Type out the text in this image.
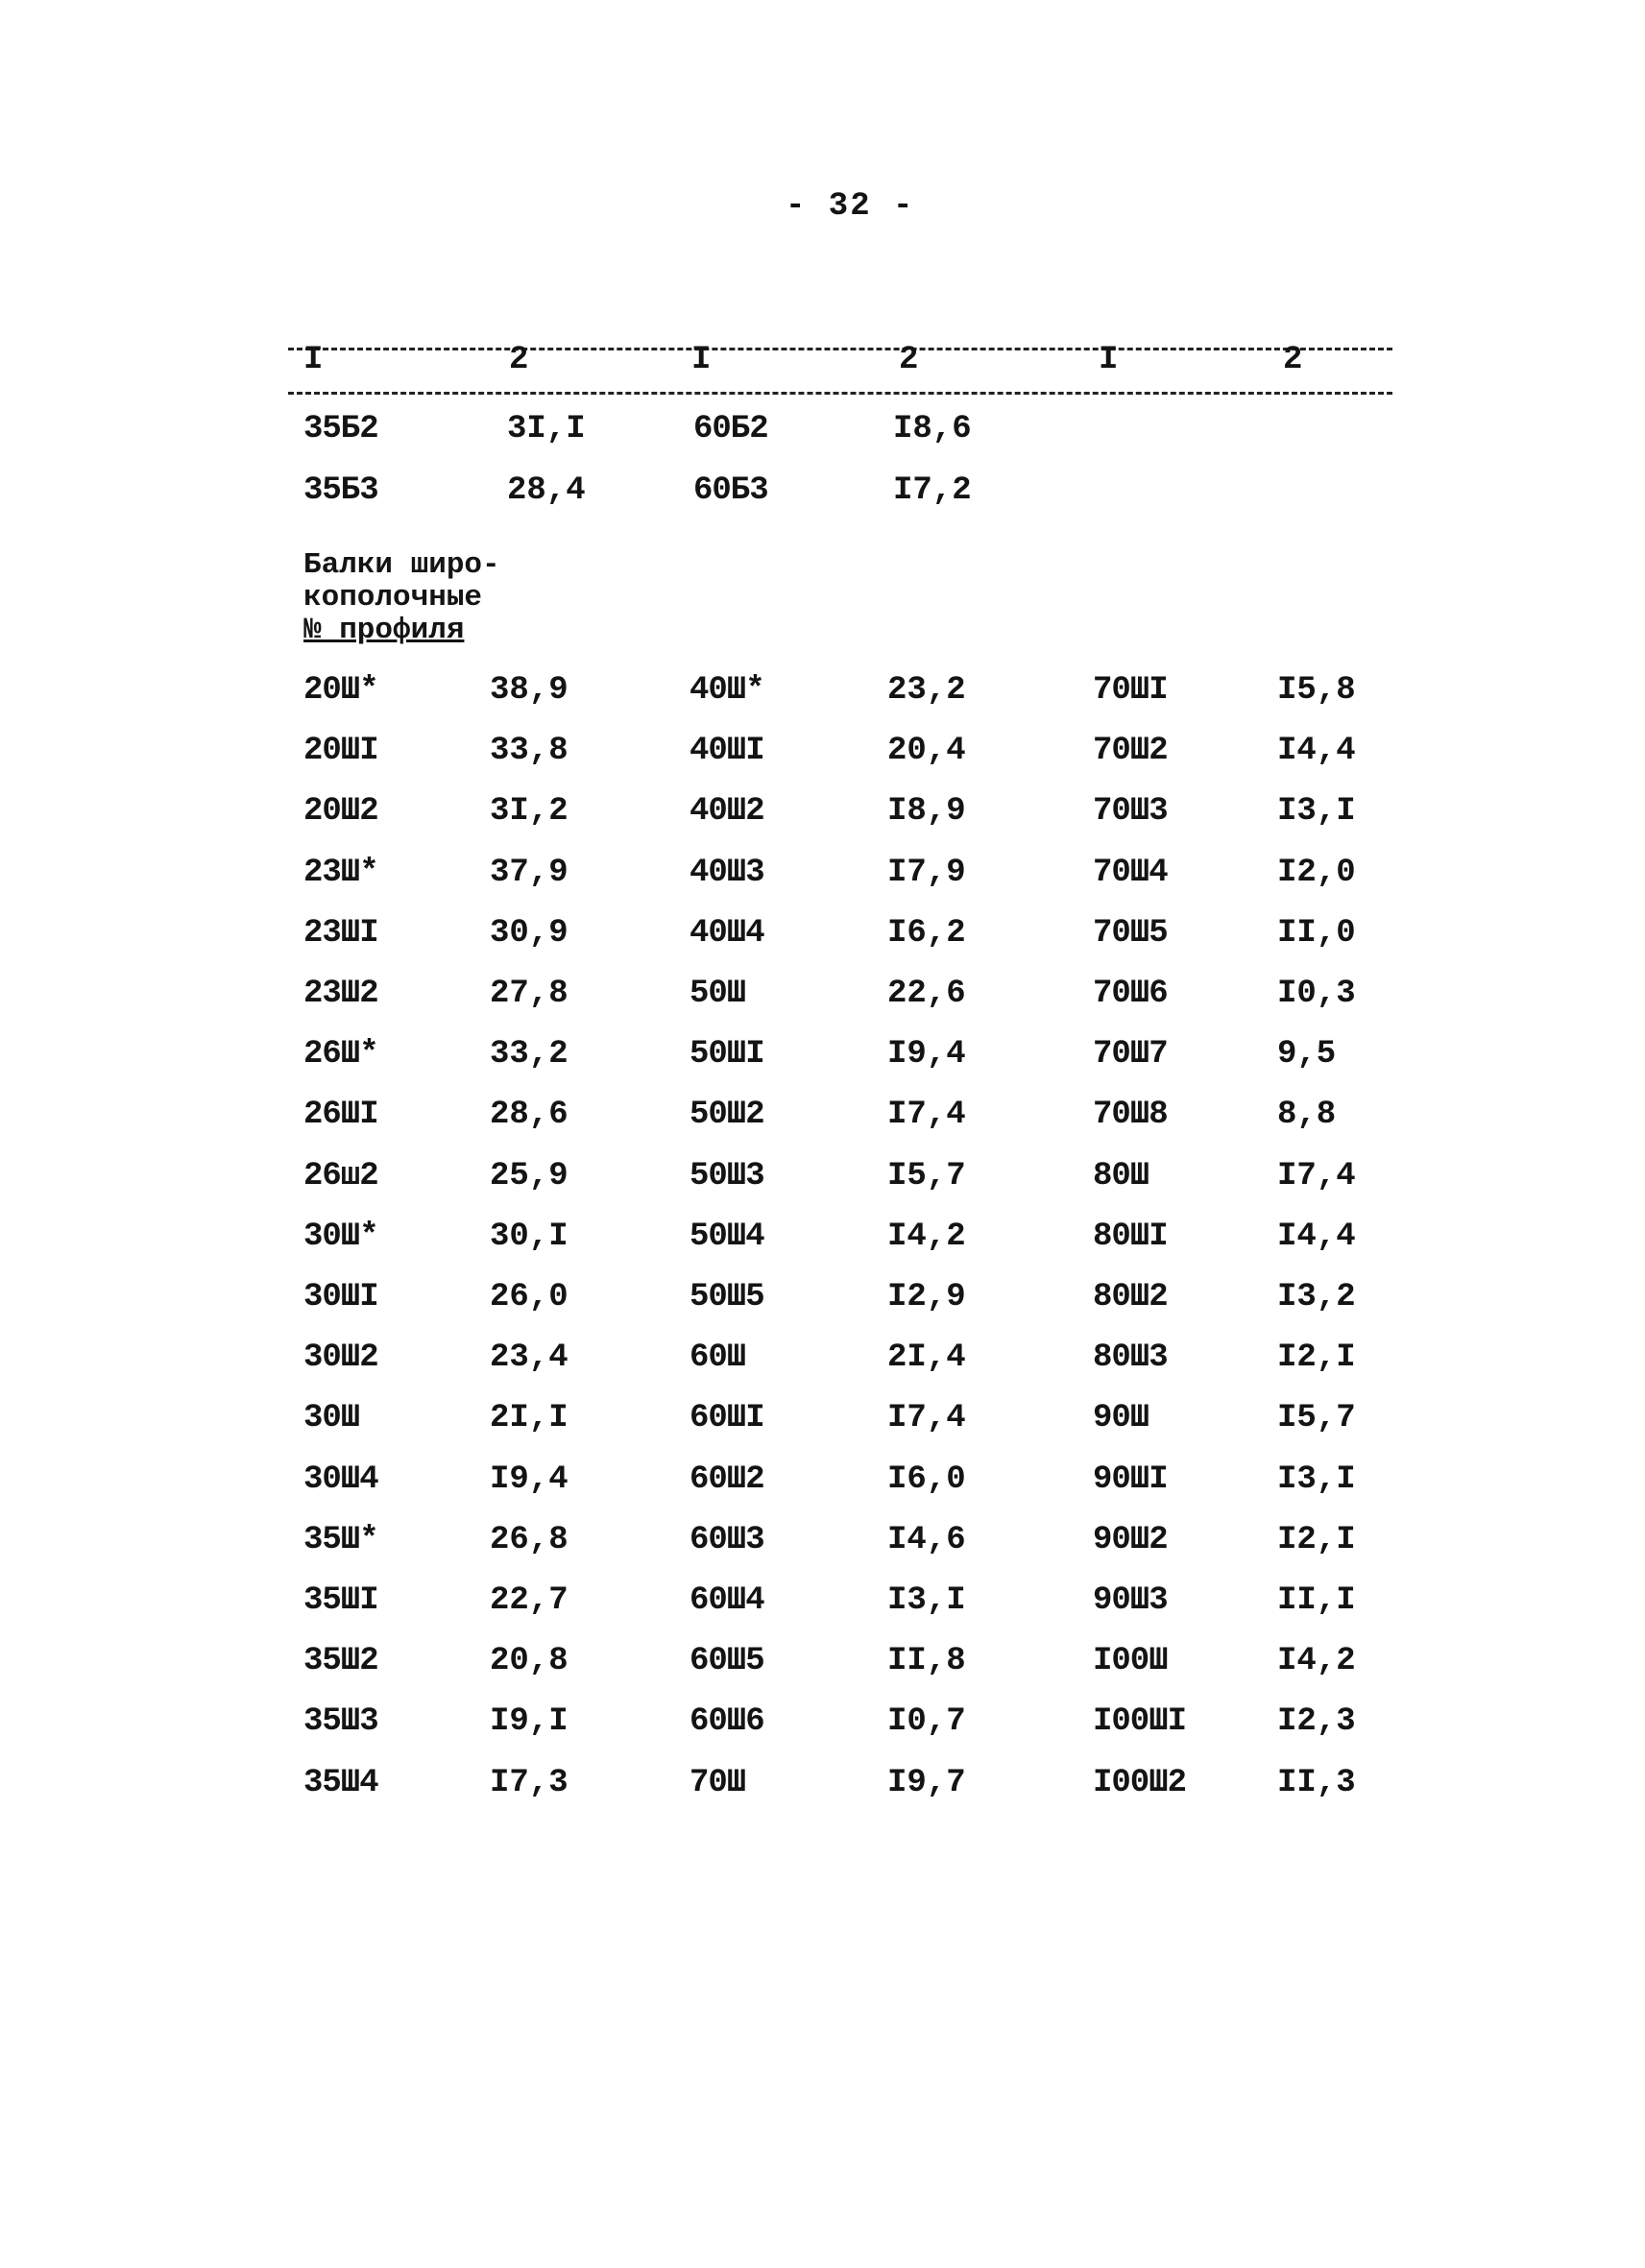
- 32 -
I	2	I	2	I	2
35Б2	3I,I	60Б2	I8,6
35Б3	28,4	60Б3	I7,2
Балки широ-
кополочные
№ профиля
20Ш*	38,9	40Ш*	23,2	70ШI	I5,8
20ШI	33,8	40ШI	20,4	70Ш2	I4,4
20Ш2	3I,2	40Ш2	I8,9	70Ш3	I3,I
23Ш*	37,9	40Ш3	I7,9	70Ш4	I2,0
23ШI	30,9	40Ш4	I6,2	70Ш5	II,0
23Ш2	27,8	50Ш	22,6	70Ш6	I0,3
26Ш*	33,2	50ШI	I9,4	70Ш7	9,5
26ШI	28,6	50Ш2	I7,4	70Ш8	8,8
26ш2	25,9	50Ш3	I5,7	80Ш	I7,4
30Ш*	30,I	50Ш4	I4,2	80ШI	I4,4
30ШI	26,0	50Ш5	I2,9	80Ш2	I3,2
30Ш2	23,4	60Ш	2I,4	80Ш3	I2,I
30Ш	2I,I	60ШI	I7,4	90Ш	I5,7
30Ш4	I9,4	60Ш2	I6,0	90ШI	I3,I
35Ш*	26,8	60Ш3	I4,6	90Ш2	I2,I
35ШI	22,7	60Ш4	I3,I	90Ш3	II,I
35Ш2	20,8	60Ш5	II,8	I00Ш	I4,2
35Ш3	I9,I	60Ш6	I0,7	I00ШI	I2,3
35Ш4	I7,3	70Ш	I9,7	I00Ш2	II,3
